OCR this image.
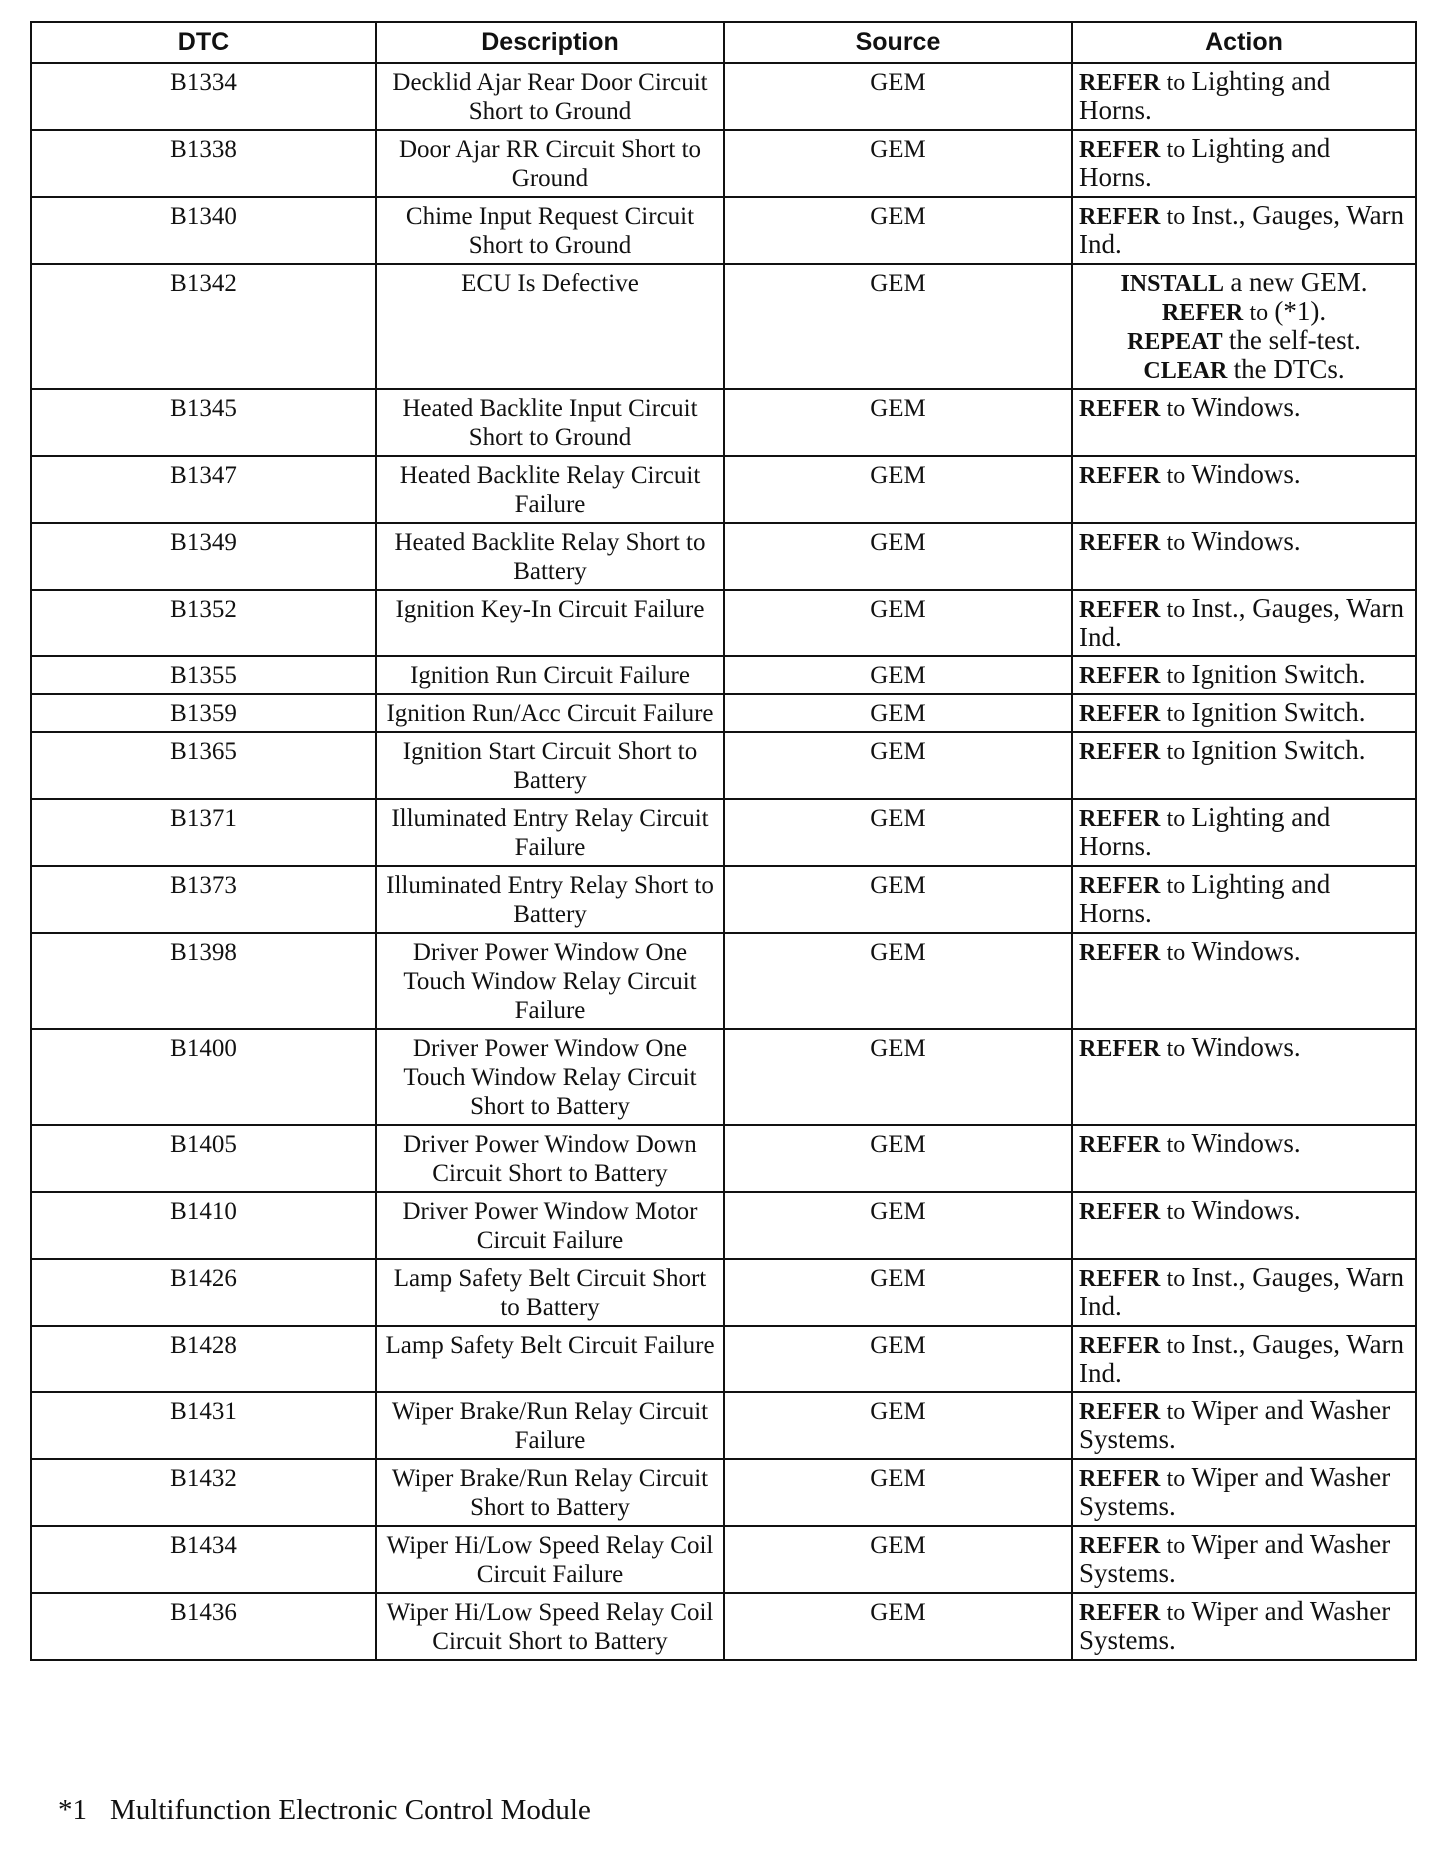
DTC	Description	Source	Action
B1334	Decklid Ajar Rear Door Circuit Short to Ground	GEM	REFER to Lighting and Horns.

B1338	Door Ajar RR Circuit Short to Ground	GEM	REFER to Lighting and Horns.

B1340	Chime Input Request Circuit Short to Ground	GEM	REFER to Inst., Gauges, Warn Ind.

B1342	ECU Is Defective	GEM	INSTALL a new GEM.
REFER to (*1).
REPEAT the self-test.
CLEAR the DTCs.

B1345	Heated Backlite Input Circuit Short to Ground	GEM	REFER to Windows.

B1347	Heated Backlite Relay Circuit Failure	GEM	REFER to Windows.

B1349	Heated Backlite Relay Short to Battery	GEM	REFER to Windows.

B1352	Ignition Key-In Circuit Failure	GEM	REFER to Inst., Gauges, Warn Ind.

B1355	Ignition Run Circuit Failure	GEM	REFER to Ignition Switch.

B1359	Ignition Run/Acc Circuit Failure	GEM	REFER to Ignition Switch.

B1365	Ignition Start Circuit Short to Battery	GEM	REFER to Ignition Switch.

B1371	Illuminated Entry Relay Circuit Failure	GEM	REFER to Lighting and Horns.

B1373	Illuminated Entry Relay Short to Battery	GEM	REFER to Lighting and Horns.

B1398	Driver Power Window One Touch Window Relay Circuit Failure	GEM	REFER to Windows.

B1400	Driver Power Window One Touch Window Relay Circuit Short to Battery	GEM	REFER to Windows.

B1405	Driver Power Window Down Circuit Short to Battery	GEM	REFER to Windows.

B1410	Driver Power Window Motor Circuit Failure	GEM	REFER to Windows.

B1426	Lamp Safety Belt Circuit Short to Battery	GEM	REFER to Inst., Gauges, Warn Ind.

B1428	Lamp Safety Belt Circuit Failure	GEM	REFER to Inst., Gauges, Warn Ind.

B1431	Wiper Brake/Run Relay Circuit Failure	GEM	REFER to Wiper and Washer Systems.

B1432	Wiper Brake/Run Relay Circuit Short to Battery	GEM	REFER to Wiper and Washer Systems.

B1434	Wiper Hi/Low Speed Relay Coil Circuit Failure	GEM	REFER to Wiper and Washer Systems.

B1436	Wiper Hi/Low Speed Relay Coil Circuit Short to Battery	GEM	REFER to Wiper and Washer Systems.
*1 Multifunction Electronic Control Module
